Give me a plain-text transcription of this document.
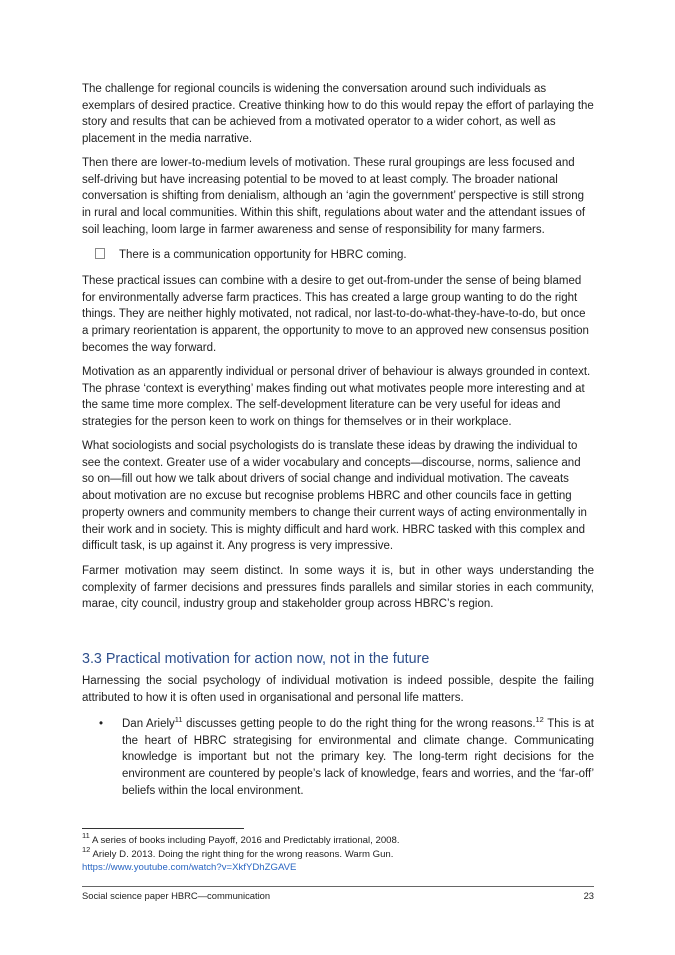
The challenge for regional councils is widening the conversation around such individuals as exemplars of desired practice. Creative thinking how to do this would repay the effort of parlaying the story and results that can be achieved from a motivated operator to a wider cohort, as well as placement in the media narrative.

Then there are lower-to-medium levels of motivation. These rural groupings are less focused and self-driving but have increasing potential to be moved to at least comply. The broader national conversation is shifting from denialism, although an ‘agin the government’ perspective is still strong in rural and local communities. Within this shift, regulations about water and the attendant issues of soil leaching, loom large in farmer awareness and sense of responsibility for many farmers.

There is a communication opportunity for HBRC coming.

These practical issues can combine with a desire to get out-from-under the sense of being blamed for environmentally adverse farm practices. This has created a large group wanting to do the right things. They are neither highly motivated, not radical, nor last-to-do-what-they-have-to-do, but once a primary reorientation is apparent, the opportunity to move to an approved new consensus position becomes the way forward.

Motivation as an apparently individual or personal driver of behaviour is always grounded in context. The phrase ‘context is everything’ makes finding out what motivates people more interesting and at the same time more complex. The self-development literature can be very useful for ideas and strategies for the person keen to work on things for themselves or in their workplace.

What sociologists and social psychologists do is translate these ideas by drawing the individual to see the context. Greater use of a wider vocabulary and concepts—discourse, norms, salience and so on—fill out how we talk about drivers of social change and individual motivation. The caveats about motivation are no excuse but recognise problems HBRC and other councils face in getting property owners and community members to change their current ways of acting environmentally in their work and in society. This is mighty difficult and hard work. HBRC tasked with this complex and difficult task, is up against it. Any progress is very impressive.

Farmer motivation may seem distinct. In some ways it is, but in other ways understanding the complexity of farmer decisions and pressures finds parallels and similar stories in each community, marae, city council, industry group and stakeholder group across HBRC’s region.

3.3 Practical motivation for action now, not in the future

Harnessing the social psychology of individual motivation is indeed possible, despite the failing attributed to how it is often used in organisational and personal life matters.

• Dan Ariely$^{11}$ discusses getting people to do the right thing for the wrong reasons.$^{12}$ This is at the heart of HBRC strategising for environmental and climate change. Communicating knowledge is important but not the primary key. The long-term right decisions for the environment are countered by people’s lack of knowledge, fears and worries, and the ‘far-off’ beliefs within the local environment.
$^{11}$ A series of books including Payoff, 2016 and Predictably irrational, 2008.
$^{12}$ Ariely D. 2013. Doing the right thing for the wrong reasons. Warm Gun.
https://www.youtube.com/watch?v=XkfYDhZGAVE
Social science paper HBRC—communication	23
